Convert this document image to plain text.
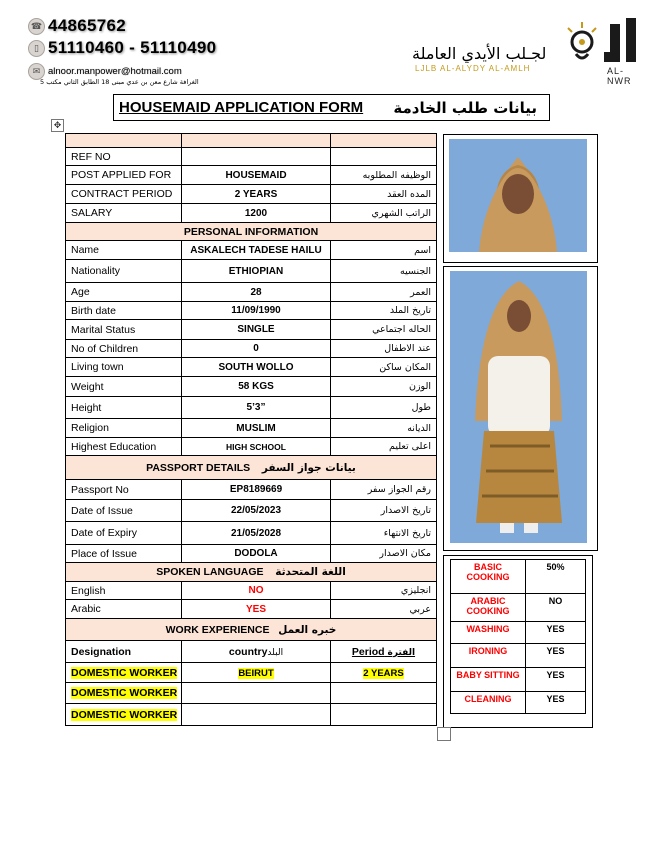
☎ 44865762
▯ 51110460 - 51110490
✉ alnoor.manpower@hotmail.com
الغرافة شارع معن بن عدي مبنى 18 الطابق الثاني مكتب 5
لجـلب الأيدي العاملة
LJLB AL-ALYDY AL-AMLH	AL-NWR
HOUSEMAID APPLICATION FORM بيانات طلب الخادمة
✥

REF NO		
POST APPLIED FOR	HOUSEMAID	الوظيفه المطلوبه
CONTRACT PERIOD	2 YEARS	المده العقد
SALARY	1200	الراتب الشهري
PERSONAL INFORMATION		
Name	ASKALECH TADESE HAILU	اسم
Nationality	ETHIOPIAN	الجنسيه
Age	28	العمر
Birth date	11/09/1990	تاريخ الملد
Marital Status	SINGLE	الحاله اجتماعي
No of Children	0	عند الاطفال
Living town	SOUTH WOLLO	المكان ساكن
Weight	58 KGS	الوزن
Height	5’3”	طول
Religion	MUSLIM	الديانه
Highest Education	HIGH SCHOOL	اعلى تعليم
PASSPORT DETAILS بيانات جواز السفر		
Passport No	EP8189669	رقم الجواز سفر
Date of Issue	22/05/2023	تاريخ الاصدار
Date of Expiry	21/05/2028	تاريخ الانتهاء
Place of Issue	DODOLA	مكان الاصدار
SPOKEN LANGUAGE اللغة المتحدثة		
English	NO	انجليزي
Arabic	YES	عربي
WORK EXPERIENCE خبره العمل		
Designation	countryالبلد	Period الفترة
DOMESTIC WORKER	BEIRUT	2 YEARS
DOMESTIC WORKER		
DOMESTIC WORKER		
BASIC COOKING	50%
ARABIC COOKING	NO
WASHING	YES
IRONING	YES
BABY SITTING	YES
CLEANING	YES
